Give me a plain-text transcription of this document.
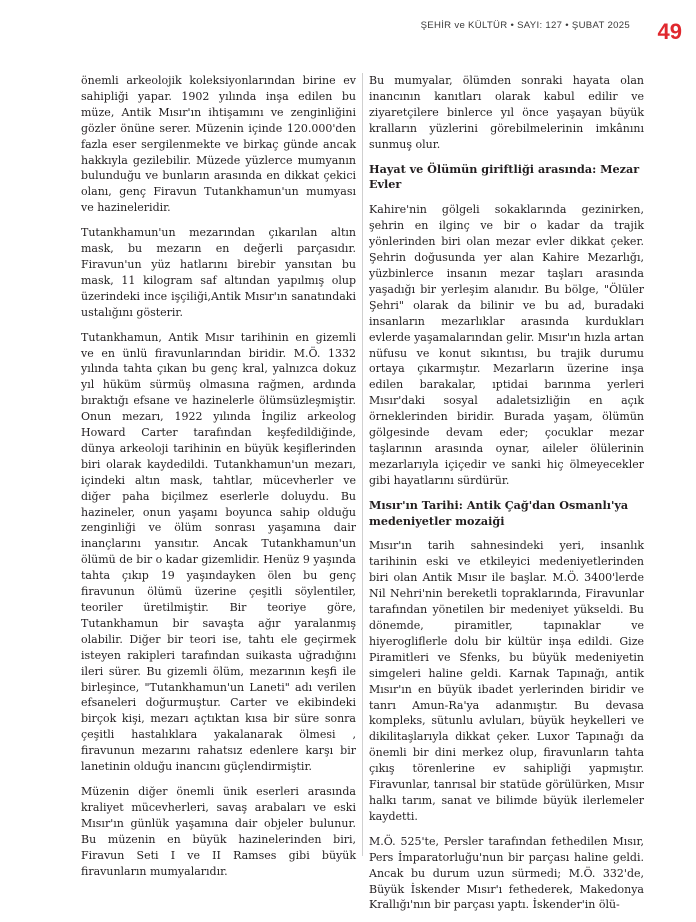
ŞEHİR ve KÜLTÜR • SAYI: 127 • ŞUBAT 2025 49

önemli arkeolojik koleksiyonlarından birine ev sahipliği yapar. 1902 yılında inşa edilen bu müze, Antik Mısır'ın ihtişamını ve zenginliğini gözler önüne serer. Müzenin içinde 120.000'den fazla eser sergilenmekte ve birkaç günde ancak hakkıyla gezilebilir. Müzede yüzlerce mumyanın bulunduğu ve bunların arasında en dikkat çekici olanı, genç Firavun Tutankhamun'un mumyası ve hazineleridir.

Tutankhamun'un mezarından çıkarılan altın mask, bu mezarın en değerli parçasıdır. Firavun'un yüz hatlarını birebir yansıtan bu mask, 11 kilogram saf altından yapılmış olup üzerindeki ince işçiliği,Antik Mısır'ın sanatındaki ustalığını gösterir.

Tutankhamun, Antik Mısır tarihinin en gizemli ve en ünlü firavunlarından biridir. M.Ö. 1332 yılında tahta çıkan bu genç kral, yalnızca dokuz yıl hüküm sürmüş olmasına rağmen, ardında bıraktığı efsane ve hazinelerle ölümsüzleşmiştir. Onun mezarı, 1922 yılında İngiliz arkeolog Howard Carter tarafından keşfedildiğinde, dünya arkeoloji tarihinin en büyük keşiflerinden biri olarak kaydedildi. Tutankhamun'un mezarı, içindeki altın mask, tahtlar, mücevherler ve diğer paha biçilmez eserlerle doluydu. Bu hazineler, onun yaşamı boyunca sahip olduğu zenginliği ve ölüm sonrası yaşamına dair inançlarını yansıtır. Ancak Tutankhamun'un ölümü de bir o kadar gizemlidir. Henüz 9 yaşında tahta çıkıp 19 yaşındayken ölen bu genç firavunun ölümü üzerine çeşitli söylentiler, teoriler üretilmiştir. Bir teoriye göre, Tutankhamun bir savaşta ağır yaralanmış olabilir. Diğer bir teori ise, tahtı ele geçirmek isteyen rakipleri tarafından suikasta uğradığını ileri sürer. Bu gizemli ölüm, mezarının keşfi ile birleşince, "Tutankhamun'un Laneti" adı verilen efsaneleri doğurmuştur. Carter ve ekibindeki birçok kişi, mezarı açtıktan kısa bir süre sonra çeşitli hastalıklara yakalanarak ölmesi , firavunun mezarını rahatsız edenlere karşı bir lanetinin olduğu inancını güçlendirmiştir.

Müzenin diğer önemli ünik eserleri arasında kraliyet mücevherleri, savaş arabaları ve eski Mısır'ın günlük yaşamına dair objeler bulunur. Bu müzenin en büyük hazinelerinden biri, Firavun Seti I ve II Ramses gibi büyük firavunların mumyalarıdır.

Bu mumyalar, ölümden sonraki hayata olan inancının kanıtları olarak kabul edilir ve ziyaretçilere binlerce yıl önce yaşayan büyük kralların yüzlerini görebilmelerinin imkânını sunmuş olur.

Hayat ve Ölümün giriftliği arasında: Mezar Evler

Kahire'nin gölgeli sokaklarında gezinirken, şehrin en ilginç ve bir o kadar da trajik yönlerinden biri olan mezar evler dikkat çeker. Şehrin doğusunda yer alan Kahire Mezarlığı, yüzbinlerce insanın mezar taşları arasında yaşadığı bir yerleşim alanıdır. Bu bölge, "Ölüler Şehri" olarak da bilinir ve bu ad, buradaki insanların mezarlıklar arasında kurdukları evlerde yaşamalarından gelir. Mısır'ın hızla artan nüfusu ve konut sıkıntısı, bu trajik durumu ortaya çıkarmıştır. Mezarların üzerine inşa edilen barakalar, ıptidai barınma yerleri Mısır'daki sosyal adaletsizliğin en açık örneklerinden biridir. Burada yaşam, ölümün gölgesinde devam eder; çocuklar mezar taşlarının arasında oynar, aileler ölülerinin mezarlarıyla içiçedir ve sanki hiç ölmeyecekler gibi hayatlarını sürdürür.

Mısır'ın Tarihi: Antik Çağ'dan Osmanlı'ya medeniyetler mozaiği

Mısır'ın tarih sahnesindeki yeri, insanlık tarihinin eski ve etkileyici medeniyetlerinden biri olan Antik Mısır ile başlar. M.Ö. 3400'lerde Nil Nehri'nin bereketli topraklarında, Firavunlar tarafından yönetilen bir medeniyet yükseldi. Bu dönemde, piramitler, tapınaklar ve hiyerogliflerle dolu bir kültür inşa edildi. Gize Piramitleri ve Sfenks, bu büyük medeniyetin simgeleri haline geldi. Karnak Tapınağı, antik Mısır'ın en büyük ibadet yerlerinden biridir ve tanrı Amun-Ra'ya adanmıştır. Bu devasa kompleks, sütunlu avluları, büyük heykelleri ve dikilitaşlarıyla dikkat çeker. Luxor Tapınağı da önemli bir dini merkez olup, firavunların tahta çıkış törenlerine ev sahipliği yapmıştır. Firavunlar, tanrısal bir statüde görülürken, Mısır halkı tarım, sanat ve bilimde büyük ilerlemeler kaydetti.

M.Ö. 525'te, Persler tarafından fethedilen Mısır, Pers İmparatorluğu'nun bir parçası haline geldi. Ancak bu durum uzun sürmedi; M.Ö. 332'de, Büyük İskender Mısır'ı fethederek, Makedonya Krallığı'nın bir parçası yaptı. İskender'in ölü-
